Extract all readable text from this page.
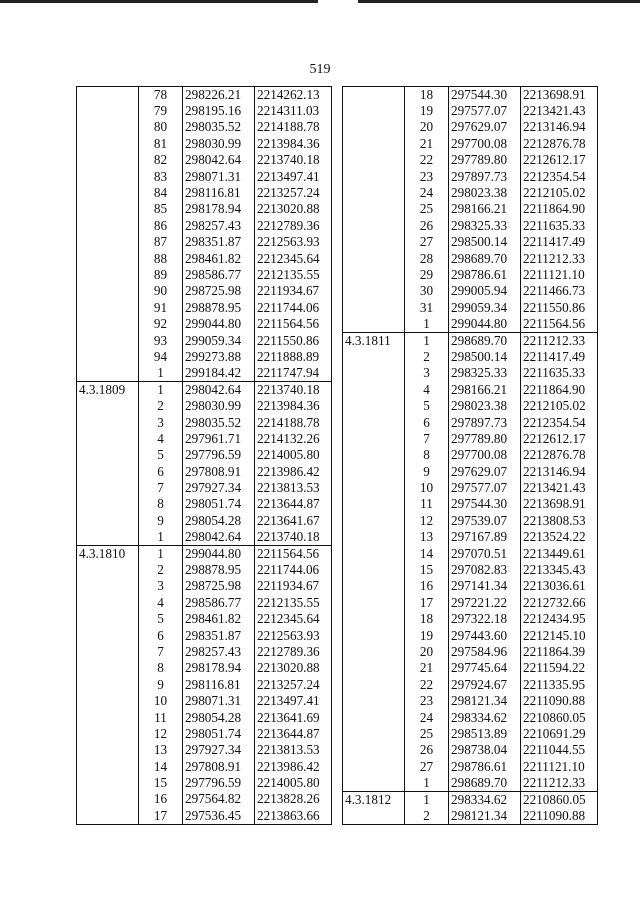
519
	78	298226.21	2214262.13
	79	298195.16	2214311.03
	80	298035.52	2214188.78
	81	298030.99	2213984.36
	82	298042.64	2213740.18
	83	298071.31	2213497.41
	84	298116.81	2213257.24
	85	298178.94	2213020.88
	86	298257.43	2212789.36
	87	298351.87	2212563.93
	88	298461.82	2212345.64
	89	298586.77	2212135.55
	90	298725.98	2211934.67
	91	298878.95	2211744.06
	92	299044.80	2211564.56
	93	299059.34	2211550.86
	94	299273.88	2211888.89
	1	299184.42	2211747.94
4.3.1809	1	298042.64	2213740.18
	2	298030.99	2213984.36
	3	298035.52	2214188.78
	4	297961.71	2214132.26
	5	297796.59	2214005.80
	6	297808.91	2213986.42
	7	297927.34	2213813.53
	8	298051.74	2213644.87
	9	298054.28	2213641.67
	1	298042.64	2213740.18
4.3.1810	1	299044.80	2211564.56
	2	298878.95	2211744.06
	3	298725.98	2211934.67
	4	298586.77	2212135.55
	5	298461.82	2212345.64
	6	298351.87	2212563.93
	7	298257.43	2212789.36
	8	298178.94	2213020.88
	9	298116.81	2213257.24
	10	298071.31	2213497.41
	11	298054.28	2213641.69
	12	298051.74	2213644.87
	13	297927.34	2213813.53
	14	297808.91	2213986.42
	15	297796.59	2214005.80
	16	297564.82	2213828.26
	17	297536.45	2213863.66
	18	297544.30	2213698.91
	19	297577.07	2213421.43
	20	297629.07	2213146.94
	21	297700.08	2212876.78
	22	297789.80	2212612.17
	23	297897.73	2212354.54
	24	298023.38	2212105.02
	25	298166.21	2211864.90
	26	298325.33	2211635.33
	27	298500.14	2211417.49
	28	298689.70	2211212.33
	29	298786.61	2211121.10
	30	299005.94	2211466.73
	31	299059.34	2211550.86
	1	299044.80	2211564.56
4.3.1811	1	298689.70	2211212.33
	2	298500.14	2211417.49
	3	298325.33	2211635.33
	4	298166.21	2211864.90
	5	298023.38	2212105.02
	6	297897.73	2212354.54
	7	297789.80	2212612.17
	8	297700.08	2212876.78
	9	297629.07	2213146.94
	10	297577.07	2213421.43
	11	297544.30	2213698.91
	12	297539.07	2213808.53
	13	297167.89	2213524.22
	14	297070.51	2213449.61
	15	297082.83	2213345.43
	16	297141.34	2213036.61
	17	297221.22	2212732.66
	18	297322.18	2212434.95
	19	297443.60	2212145.10
	20	297584.96	2211864.39
	21	297745.64	2211594.22
	22	297924.67	2211335.95
	23	298121.34	2211090.88
	24	298334.62	2210860.05
	25	298513.89	2210691.29
	26	298738.04	2211044.55
	27	298786.61	2211121.10
	1	298689.70	2211212.33
4.3.1812	1	298334.62	2210860.05
	2	298121.34	2211090.88
